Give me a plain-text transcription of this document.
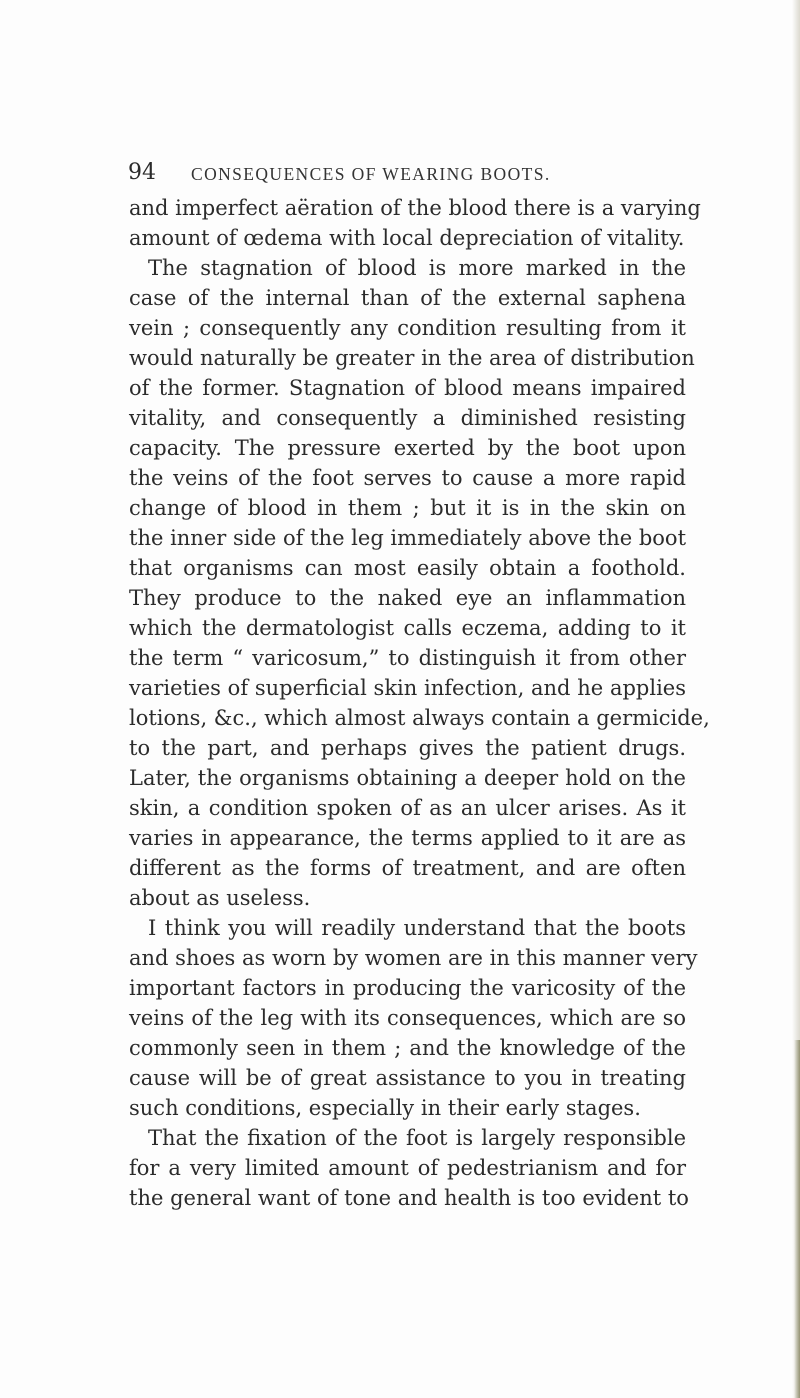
94 CONSEQUENCES OF WEARING BOOTS.
and imperfect aëration of the blood there is a varying
amount of œdema with local depreciation of vitality.
The stagnation of blood is more marked in the
case of the internal than of the external saphena
vein ; consequently any condition resulting from it
would naturally be greater in the area of distribution
of the former. Stagnation of blood means impaired
vitality, and consequently a diminished resisting
capacity. The pressure exerted by the boot upon
the veins of the foot serves to cause a more rapid
change of blood in them ; but it is in the skin on
the inner side of the leg immediately above the boot
that organisms can most easily obtain a foothold.
They produce to the naked eye an inflammation
which the dermatologist calls eczema, adding to it
the term “ varicosum,” to distinguish it from other
varieties of superficial skin infection, and he applies
lotions, &c., which almost always contain a germicide,
to the part, and perhaps gives the patient drugs.
Later, the organisms obtaining a deeper hold on the
skin, a condition spoken of as an ulcer arises. As it
varies in appearance, the terms applied to it are as
different as the forms of treatment, and are often
about as useless.
I think you will readily understand that the boots
and shoes as worn by women are in this manner very
important factors in producing the varicosity of the
veins of the leg with its consequences, which are so
commonly seen in them ; and the knowledge of the
cause will be of great assistance to you in treating
such conditions, especially in their early stages.
That the fixation of the foot is largely responsible
for a very limited amount of pedestrianism and for
the general want of tone and health is too evident to
